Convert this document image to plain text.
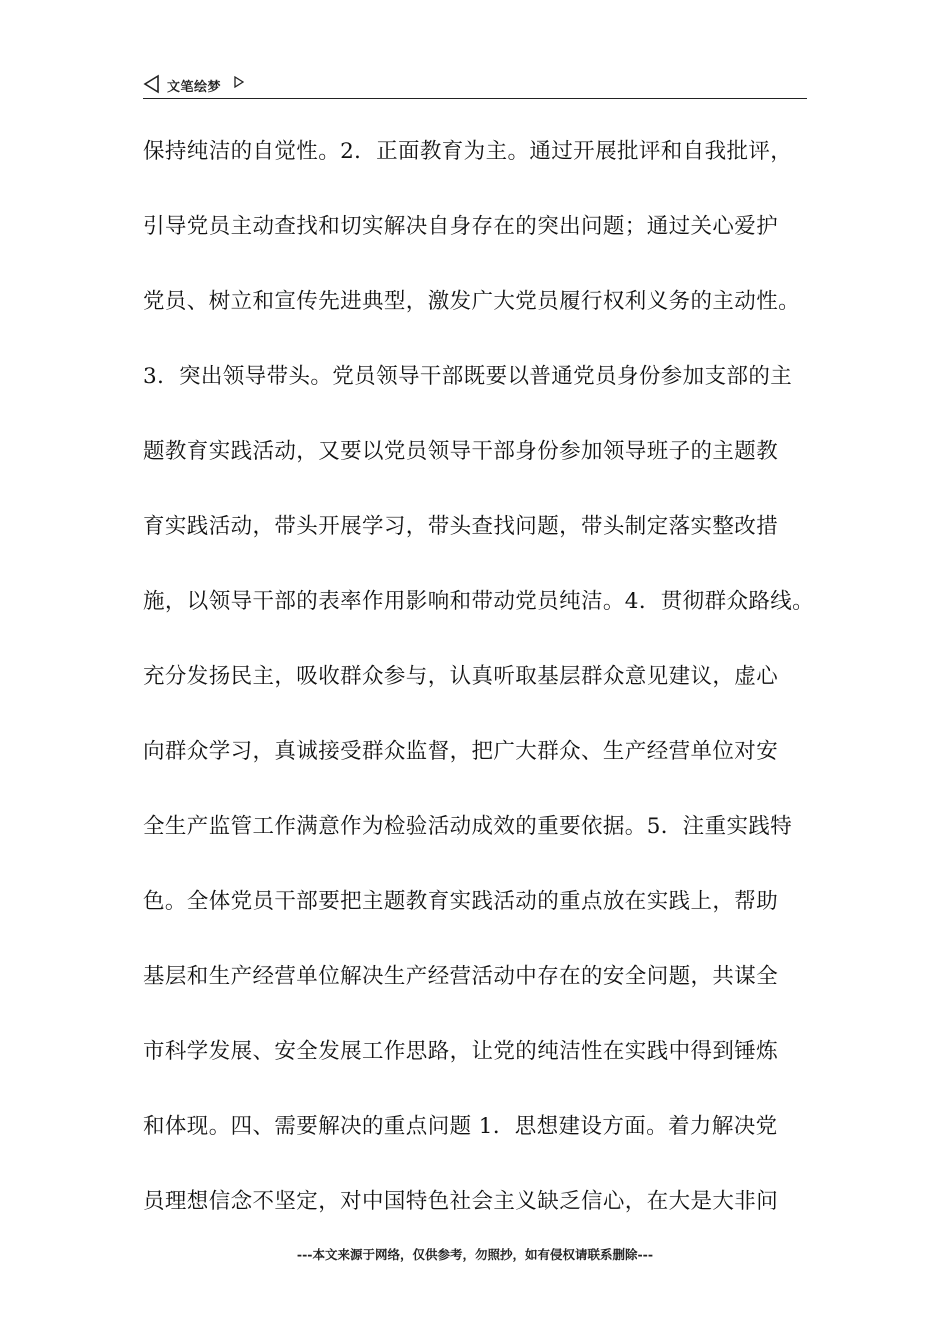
文笔绘梦
保持纯洁的自觉性。2．正面教育为主。通过开展批评和自我批评，
引导党员主动查找和切实解决自身存在的突出问题；通过关心爱护
党员、树立和宣传先进典型，激发广大党员履行权利义务的主动性。
3．突出领导带头。党员领导干部既要以普通党员身份参加支部的主
题教育实践活动，又要以党员领导干部身份参加领导班子的主题教
育实践活动，带头开展学习，带头查找问题，带头制定落实整改措
施，以领导干部的表率作用影响和带动党员纯洁。4．贯彻群众路线。
充分发扬民主，吸收群众参与，认真听取基层群众意见建议，虚心
向群众学习，真诚接受群众监督，把广大群众、生产经营单位对安
全生产监管工作满意作为检验活动成效的重要依据。5．注重实践特
色。全体党员干部要把主题教育实践活动的重点放在实践上，帮助
基层和生产经营单位解决生产经营活动中存在的安全问题，共谋全
市科学发展、安全发展工作思路，让党的纯洁性在实践中得到锤炼
和体现。四、需要解决的重点问题 1．思想建设方面。着力解决党
员理想信念不坚定，对中国特色社会主义缺乏信心，在大是大非问
---本文来源于网络，仅供参考，勿照抄，如有侵权请联系删除---
